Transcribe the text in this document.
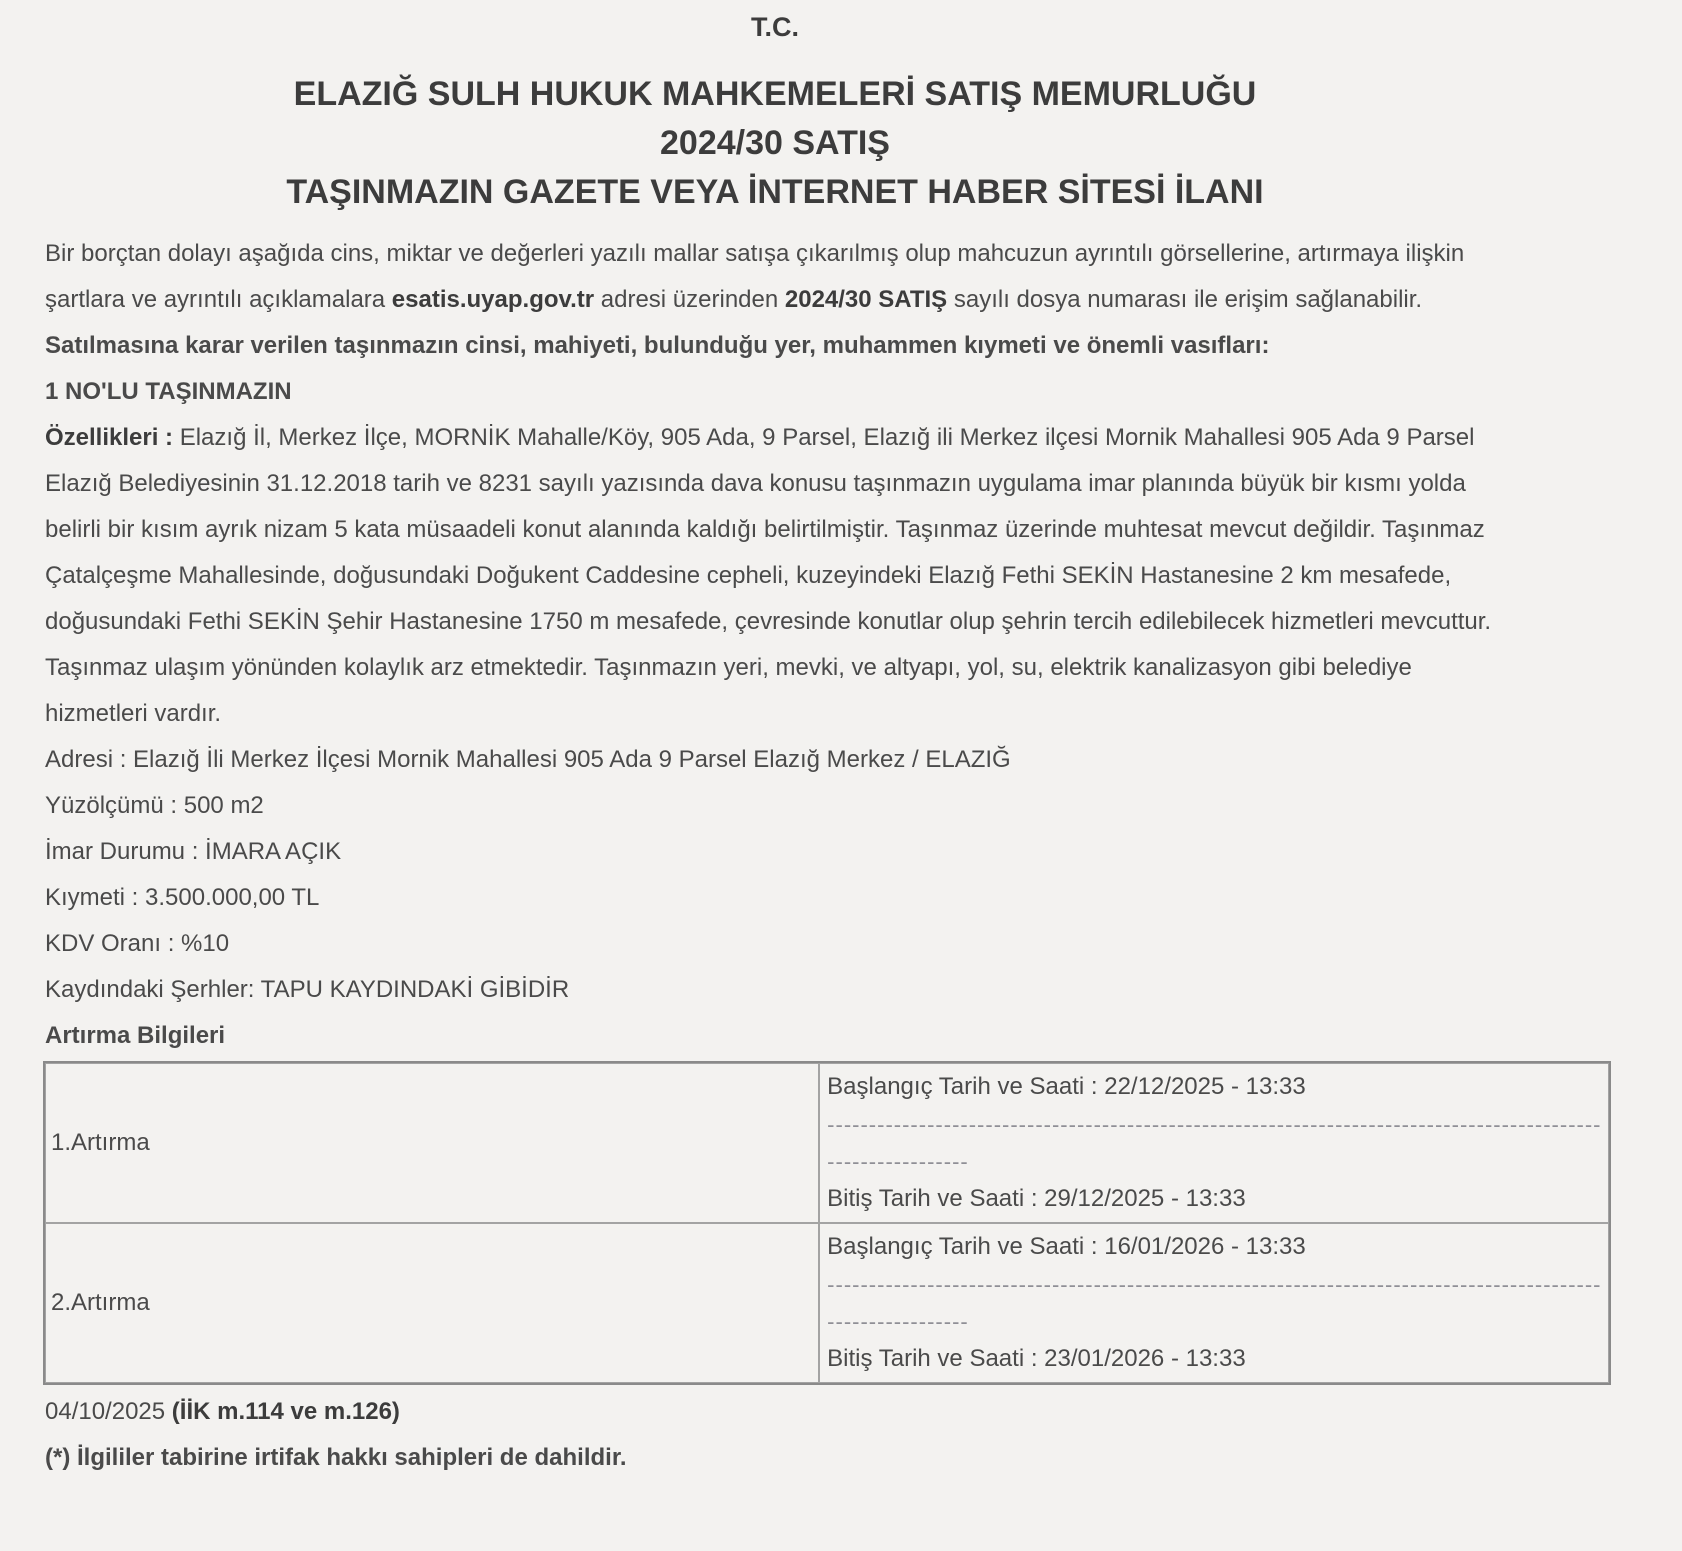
T.C.
ELAZIĞ SULH HUKUK MAHKEMELERİ SATIŞ MEMURLUĞU
2024/30 SATIŞ
TAŞINMAZIN GAZETE VEYA İNTERNET HABER SİTESİ İLANI

Bir borçtan dolayı aşağıda cins, miktar ve değerleri yazılı mallar satışa çıkarılmış olup mahcuzun ayrıntılı görsellerine, artırmaya ilişkin şartlara ve ayrıntılı açıklamalara esatis.uyap.gov.tr adresi üzerinden 2024/30 SATIŞ sayılı dosya numarası ile erişim sağlanabilir.

Satılmasına karar verilen taşınmazın cinsi, mahiyeti, bulunduğu yer, muhammen kıymeti ve önemli vasıfları:

1 NO'LU TAŞINMAZIN

Özellikleri : Elazığ İl, Merkez İlçe, MORNİK Mahalle/Köy, 905 Ada, 9 Parsel, Elazığ ili Merkez ilçesi Mornik Mahallesi 905 Ada 9 Parsel Elazığ Belediyesinin 31.12.2018 tarih ve 8231 sayılı yazısında dava konusu taşınmazın uygulama imar planında büyük bir kısmı yolda belirli bir kısım ayrık nizam 5 kata müsaadeli konut alanında kaldığı belirtilmiştir. Taşınmaz üzerinde muhtesat mevcut değildir. Taşınmaz Çatalçeşme Mahallesinde, doğusundaki Doğukent Caddesine cepheli, kuzeyindeki Elazığ Fethi SEKİN Hastanesine 2 km mesafede, doğusundaki Fethi SEKİN Şehir Hastanesine 1750 m mesafede, çevresinde konutlar olup şehrin tercih edilebilecek hizmetleri mevcuttur. Taşınmaz ulaşım yönünden kolaylık arz etmektedir. Taşınmazın yeri, mevki, ve altyapı, yol, su, elektrik kanalizasyon gibi belediye hizmetleri vardır.

Adresi : Elazığ İli Merkez İlçesi Mornik Mahallesi 905 Ada 9 Parsel Elazığ Merkez / ELAZIĞ

Yüzölçümü : 500 m2

İmar Durumu : İMARA AÇIK

Kıymeti : 3.500.000,00 TL

KDV Oranı : %10

Kaydındaki Şerhler: TAPU KAYDINDAKİ GİBİDİR

Artırma Bilgileri

1.Artırma	Başlangıç Tarih ve Saati : 22/12/2025 - 13:33
--------------------------------------------------------------------------------------------------------------
Bitiş Tarih ve Saati : 29/12/2025 - 13:33

2.Artırma	Başlangıç Tarih ve Saati : 16/01/2026 - 13:33
--------------------------------------------------------------------------------------------------------------
Bitiş Tarih ve Saati : 23/01/2026 - 13:33

04/10/2025 (İİK m.114 ve m.126)

(*) İlgililer tabirine irtifak hakkı sahipleri de dahildir.
